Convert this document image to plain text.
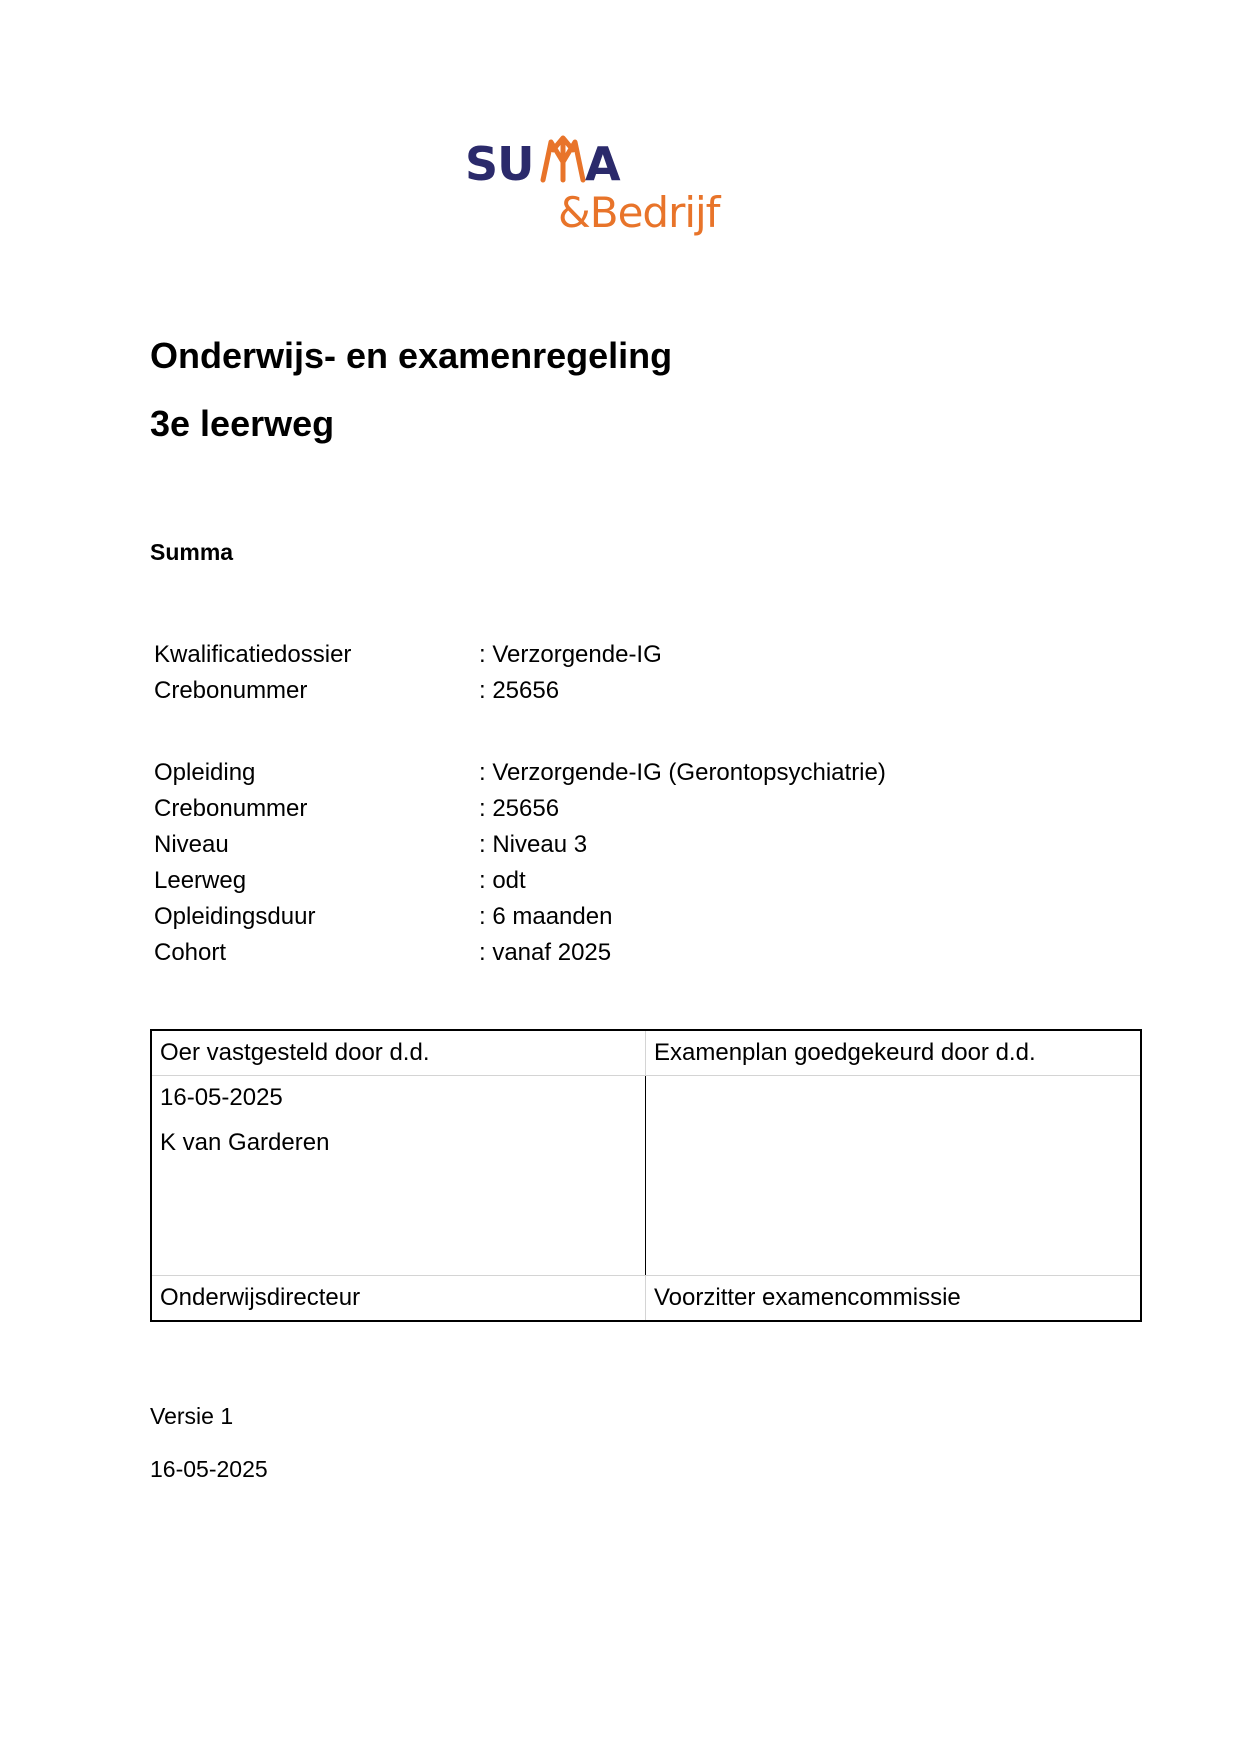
SU A
&Bedrijf
Onderwijs- en examenregeling
3e leerweg
Summa
Kwalificatiedossier	: Verzorgende-IG
Crebonummer	: 25656
Opleiding	: Verzorgende-IG (Gerontopsychiatrie)
Crebonummer	: 25656
Niveau	: Niveau 3
Leerweg	: odt
Opleidingsduur	: 6 maanden
Cohort	: vanaf 2025
Oer vastgesteld door d.d.	Examenplan goedgekeurd door d.d.
16-05-2025
K van Garderen
Onderwijsdirecteur	Voorzitter examencommissie
Versie 1
16-05-2025
